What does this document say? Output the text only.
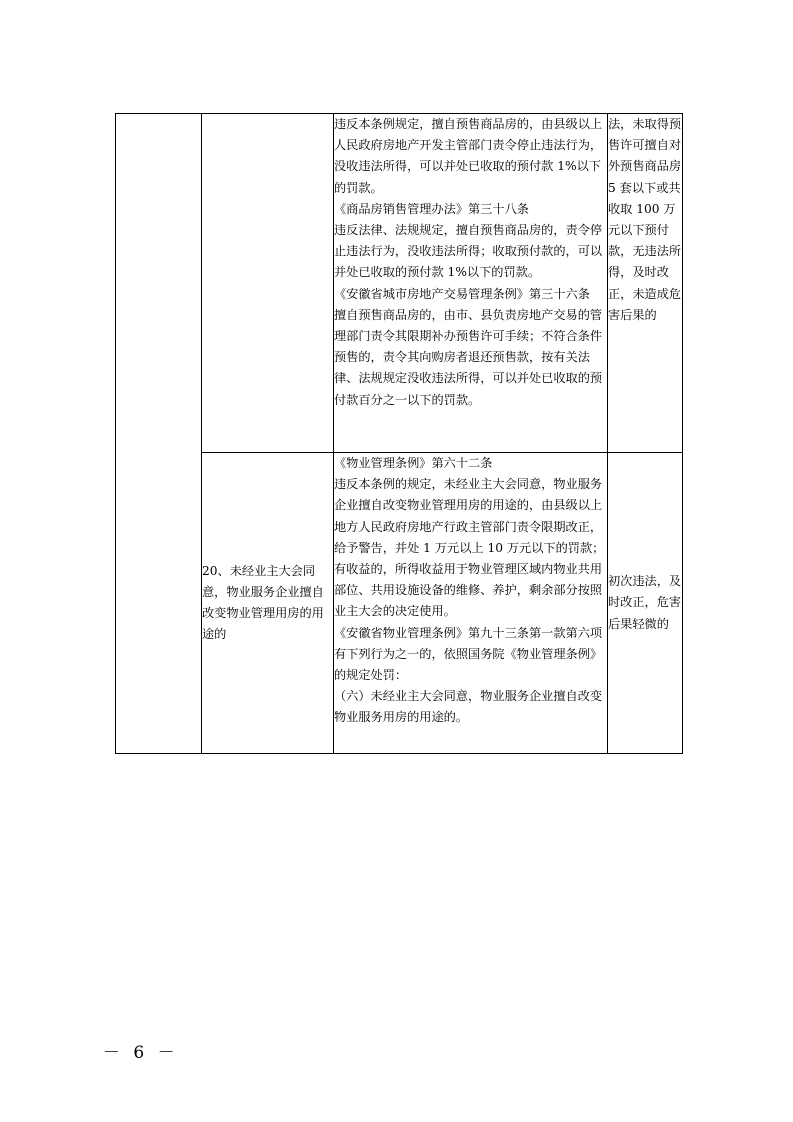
		违反本条例规定，擅自预售商品房的，由县级以上人民政府房地产开发主管部门责令停止违法行为，没收违法所得，可以并处已收取的预付款 1%以下的罚款。

《商品房销售管理办法》第三十八条

违反法律、法规规定，擅自预售商品房的，责令停止违法行为，没收违法所得；收取预付款的，可以并处已收取的预付款 1%以下的罚款。

《安徽省城市房地产交易管理条例》第三十六条

擅自预售商品房的，由市、县负责房地产交易的管理部门责令其限期补办预售许可手续；不符合条件预售的，责令其向购房者退还预售款，按有关法律、法规规定没收违法所得，可以并处已收取的预付款百分之一以下的罚款。	法，未取得预售许可擅自对外预售商品房 5 套以下或共收取 100 万元以下预付款，无违法所得，及时改正，未造成危害后果的

	20、未经业主大会同意，物业服务企业擅自改变物业管理用房的用途的	《物业管理条例》第六十二条

违反本条例的规定，未经业主大会同意，物业服务企业擅自改变物业管理用房的用途的，由县级以上地方人民政府房地产行政主管部门责令限期改正，给予警告，并处 1 万元以上 10 万元以下的罚款；有收益的，所得收益用于物业管理区域内物业共用部位、共用设施设备的维修、养护，剩余部分按照业主大会的决定使用。

《安徽省物业管理条例》第九十三条第一款第六项

有下列行为之一的，依照国务院《物业管理条例》的规定处罚：

（六）未经业主大会同意，物业服务企业擅自改变物业服务用房的用途的。	初次违法，及时改正，危害后果轻微的

－ 6 －
